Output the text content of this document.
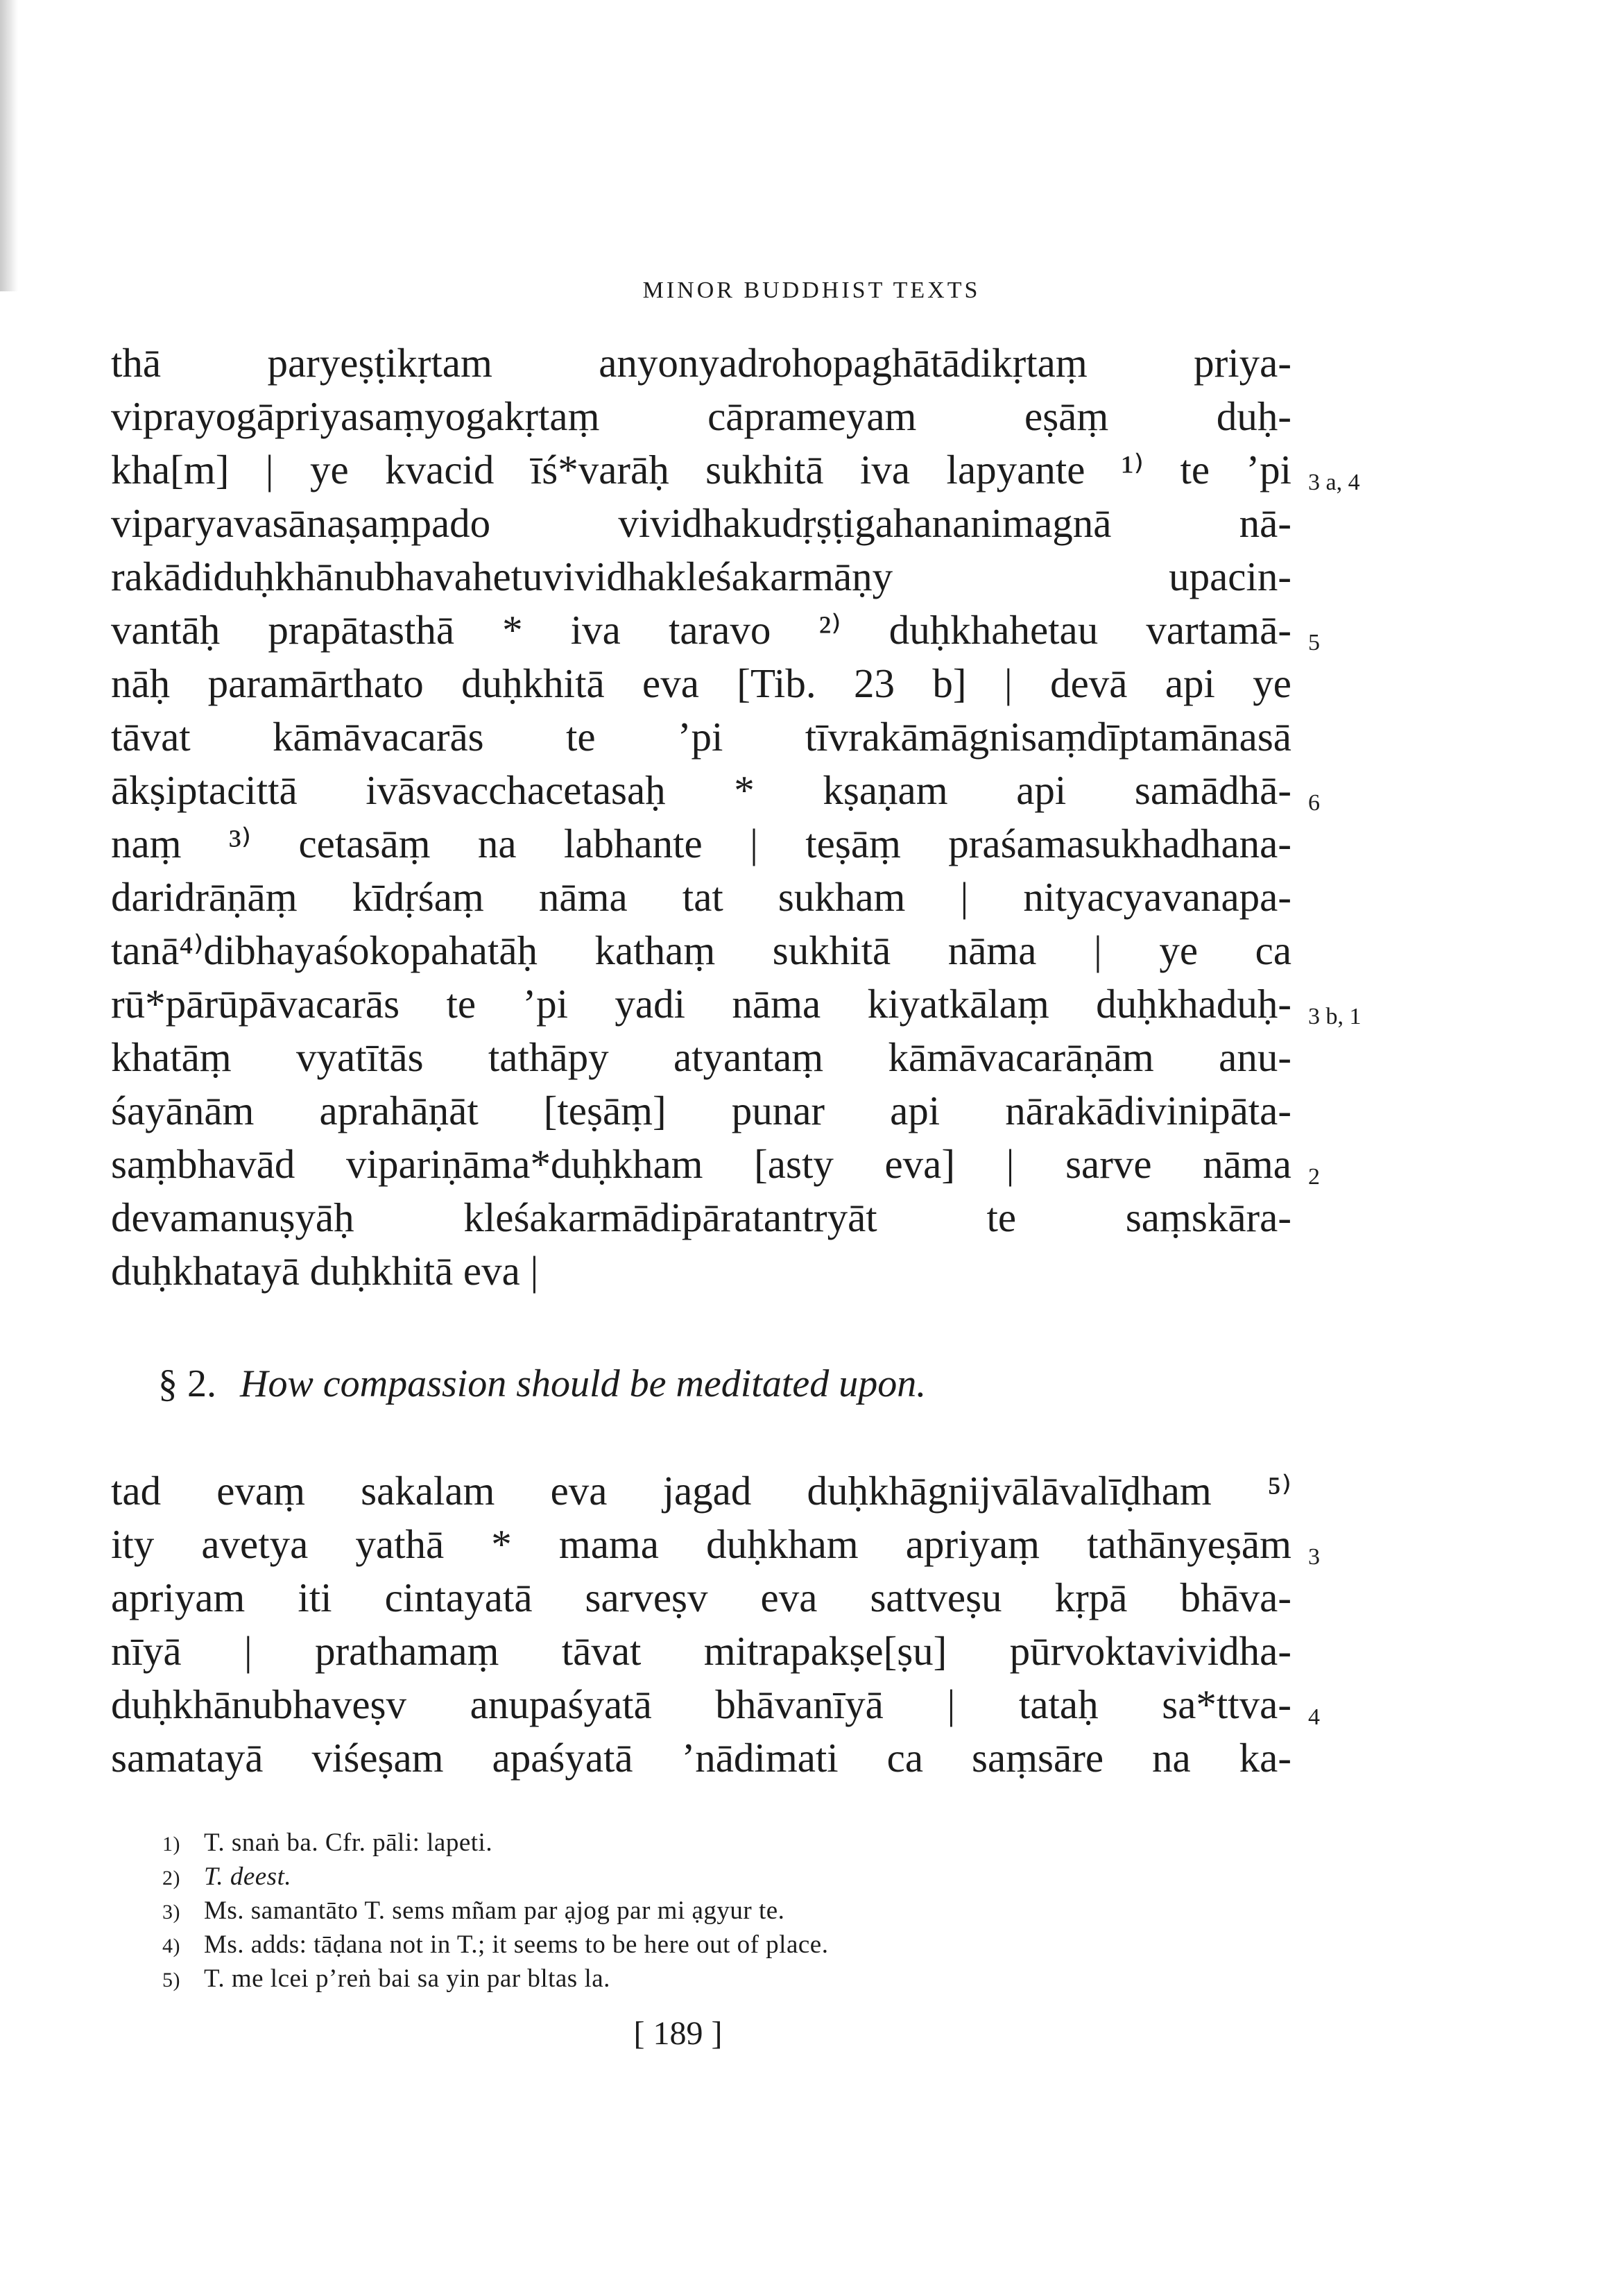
MINOR BUDDHIST TEXTS
thā paryeṣṭikṛtam anyonyadrohopaghātādikṛtaṃ priya-
viprayogāpriyasaṃyogakṛtaṃ cāprameyam eṣāṃ duḥ-
kha[m] | ye kvacid īś*varāḥ sukhitā iva lapyante ¹⁾ te ’pi
viparyavasānaṣaṃpado vividhakudṛṣṭigahananimagnā nā-
rakādiduḥkhānubhavahetuvividhakleśakarmāṇy upacin-
vantāḥ prapātasthā * iva taravo ²⁾ duḥkhahetau vartamā-
nāḥ paramārthato duḥkhitā eva [Tib. 23 b] | devā api ye
tāvat kāmāvacarās te ’pi tīvrakāmāgnisaṃdīptamānasā
ākṣiptacittā ivāsvacchacetasaḥ * kṣaṇam api samādhā-
naṃ ³⁾ cetasāṃ na labhante | teṣāṃ praśamasukhadhana-
daridrāṇāṃ kīdṛśaṃ nāma tat sukham | nityacyavanapa-
tanā⁴⁾dibhayaśokopahatāḥ kathaṃ sukhitā nāma | ye ca
rū*pārūpāvacarās te ’pi yadi nāma kiyatkālaṃ duḥkhaduḥ-
khatāṃ vyatītās tathāpy atyantaṃ kāmāvacarāṇām anu-
śayānām aprahāṇāt [teṣāṃ] punar api nārakādivinipāta-
saṃbhavād vipariṇāma*duḥkham [asty eva] | sarve nāma
devamanuṣyāḥ kleśakarmādipāratantryāt te saṃskāra-
duḥkhatayā duḥkhitā eva |
3 a, 4
5
6
3 b, 1
2
§ 2. How compassion should be meditated upon.
tad evaṃ sakalam eva jagad duḥkhāgnijvālāvalīḍham ⁵⁾
ity avetya yathā * mama duḥkham apriyaṃ tathānyeṣām
apriyam iti cintayatā sarveṣv eva sattveṣu kṛpā bhāva-
nīyā | prathamaṃ tāvat mitrapakṣe[ṣu] pūrvoktavividha-
duḥkhānubhaveṣv anupaśyatā bhāvanīyā | tataḥ sa*ttva-
samatayā viśeṣam apaśyatā ’nādimati ca saṃsāre na ka-
3
4
1) T. snaṅ ba. Cfr. pāli: lapeti.
2) T. deest.
3) Ms. samantāto T. sems mñam par ạjog par mi ạgyur te.
4) Ms. adds: tāḍana not in T.; it seems to be here out of place.
5) T. me lcei p’reṅ bai sa yin par bltas la.
[ 189 ]
